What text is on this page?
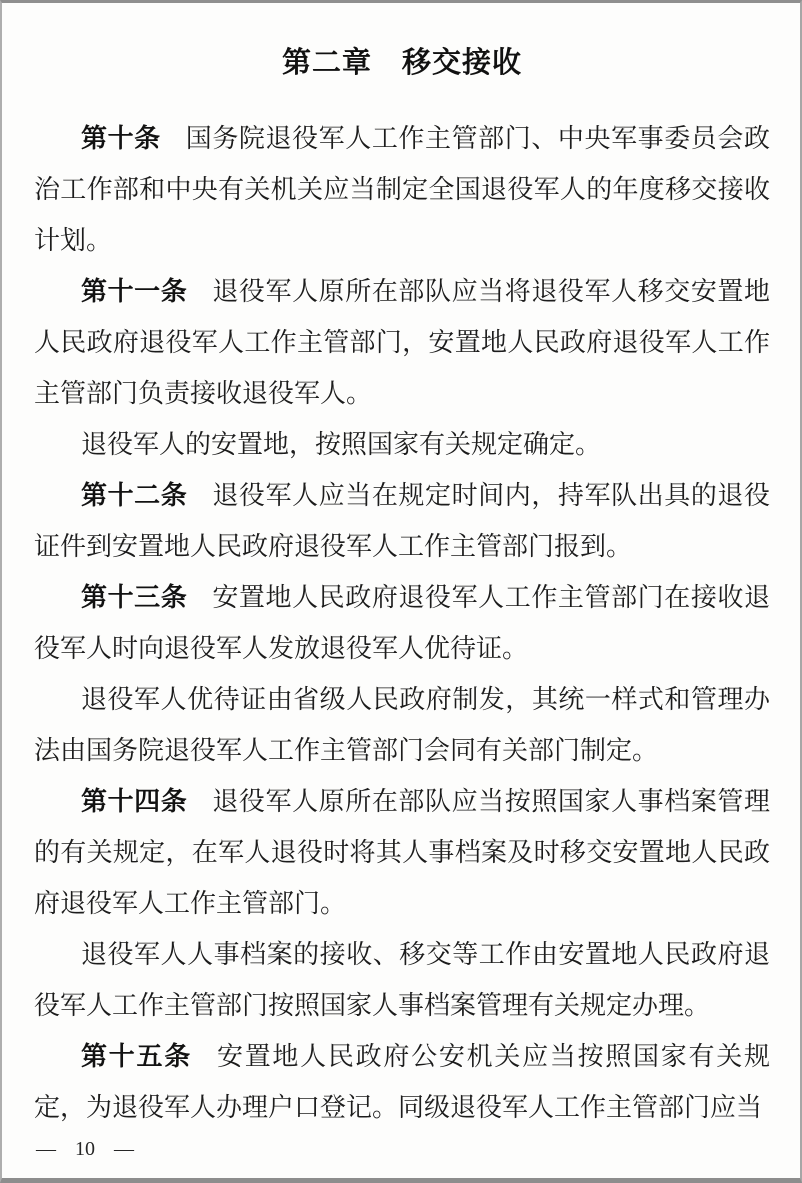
第二章　移交接收

第十条 国务院退役军人工作主管部门、中央军事委员会政治工作部和中央有关机关应当制定全国退役军人的年度移交接收计划。

第十一条 退役军人原所在部队应当将退役军人移交安置地人民政府退役军人工作主管部门，安置地人民政府退役军人工作主管部门负责接收退役军人。

退役军人的安置地，按照国家有关规定确定。

第十二条 退役军人应当在规定时间内，持军队出具的退役证件到安置地人民政府退役军人工作主管部门报到。

第十三条 安置地人民政府退役军人工作主管部门在接收退役军人时向退役军人发放退役军人优待证。

退役军人优待证由省级人民政府制发，其统一样式和管理办法由国务院退役军人工作主管部门会同有关部门制定。

第十四条 退役军人原所在部队应当按照国家人事档案管理的有关规定，在军人退役时将其人事档案及时移交安置地人民政府退役军人工作主管部门。

退役军人人事档案的接收、移交等工作由安置地人民政府退役军人工作主管部门按照国家人事档案管理有关规定办理。

第十五条 安置地人民政府公安机关应当按照国家有关规定，为退役军人办理户口登记。同级退役军人工作主管部门应当

— 10 —
